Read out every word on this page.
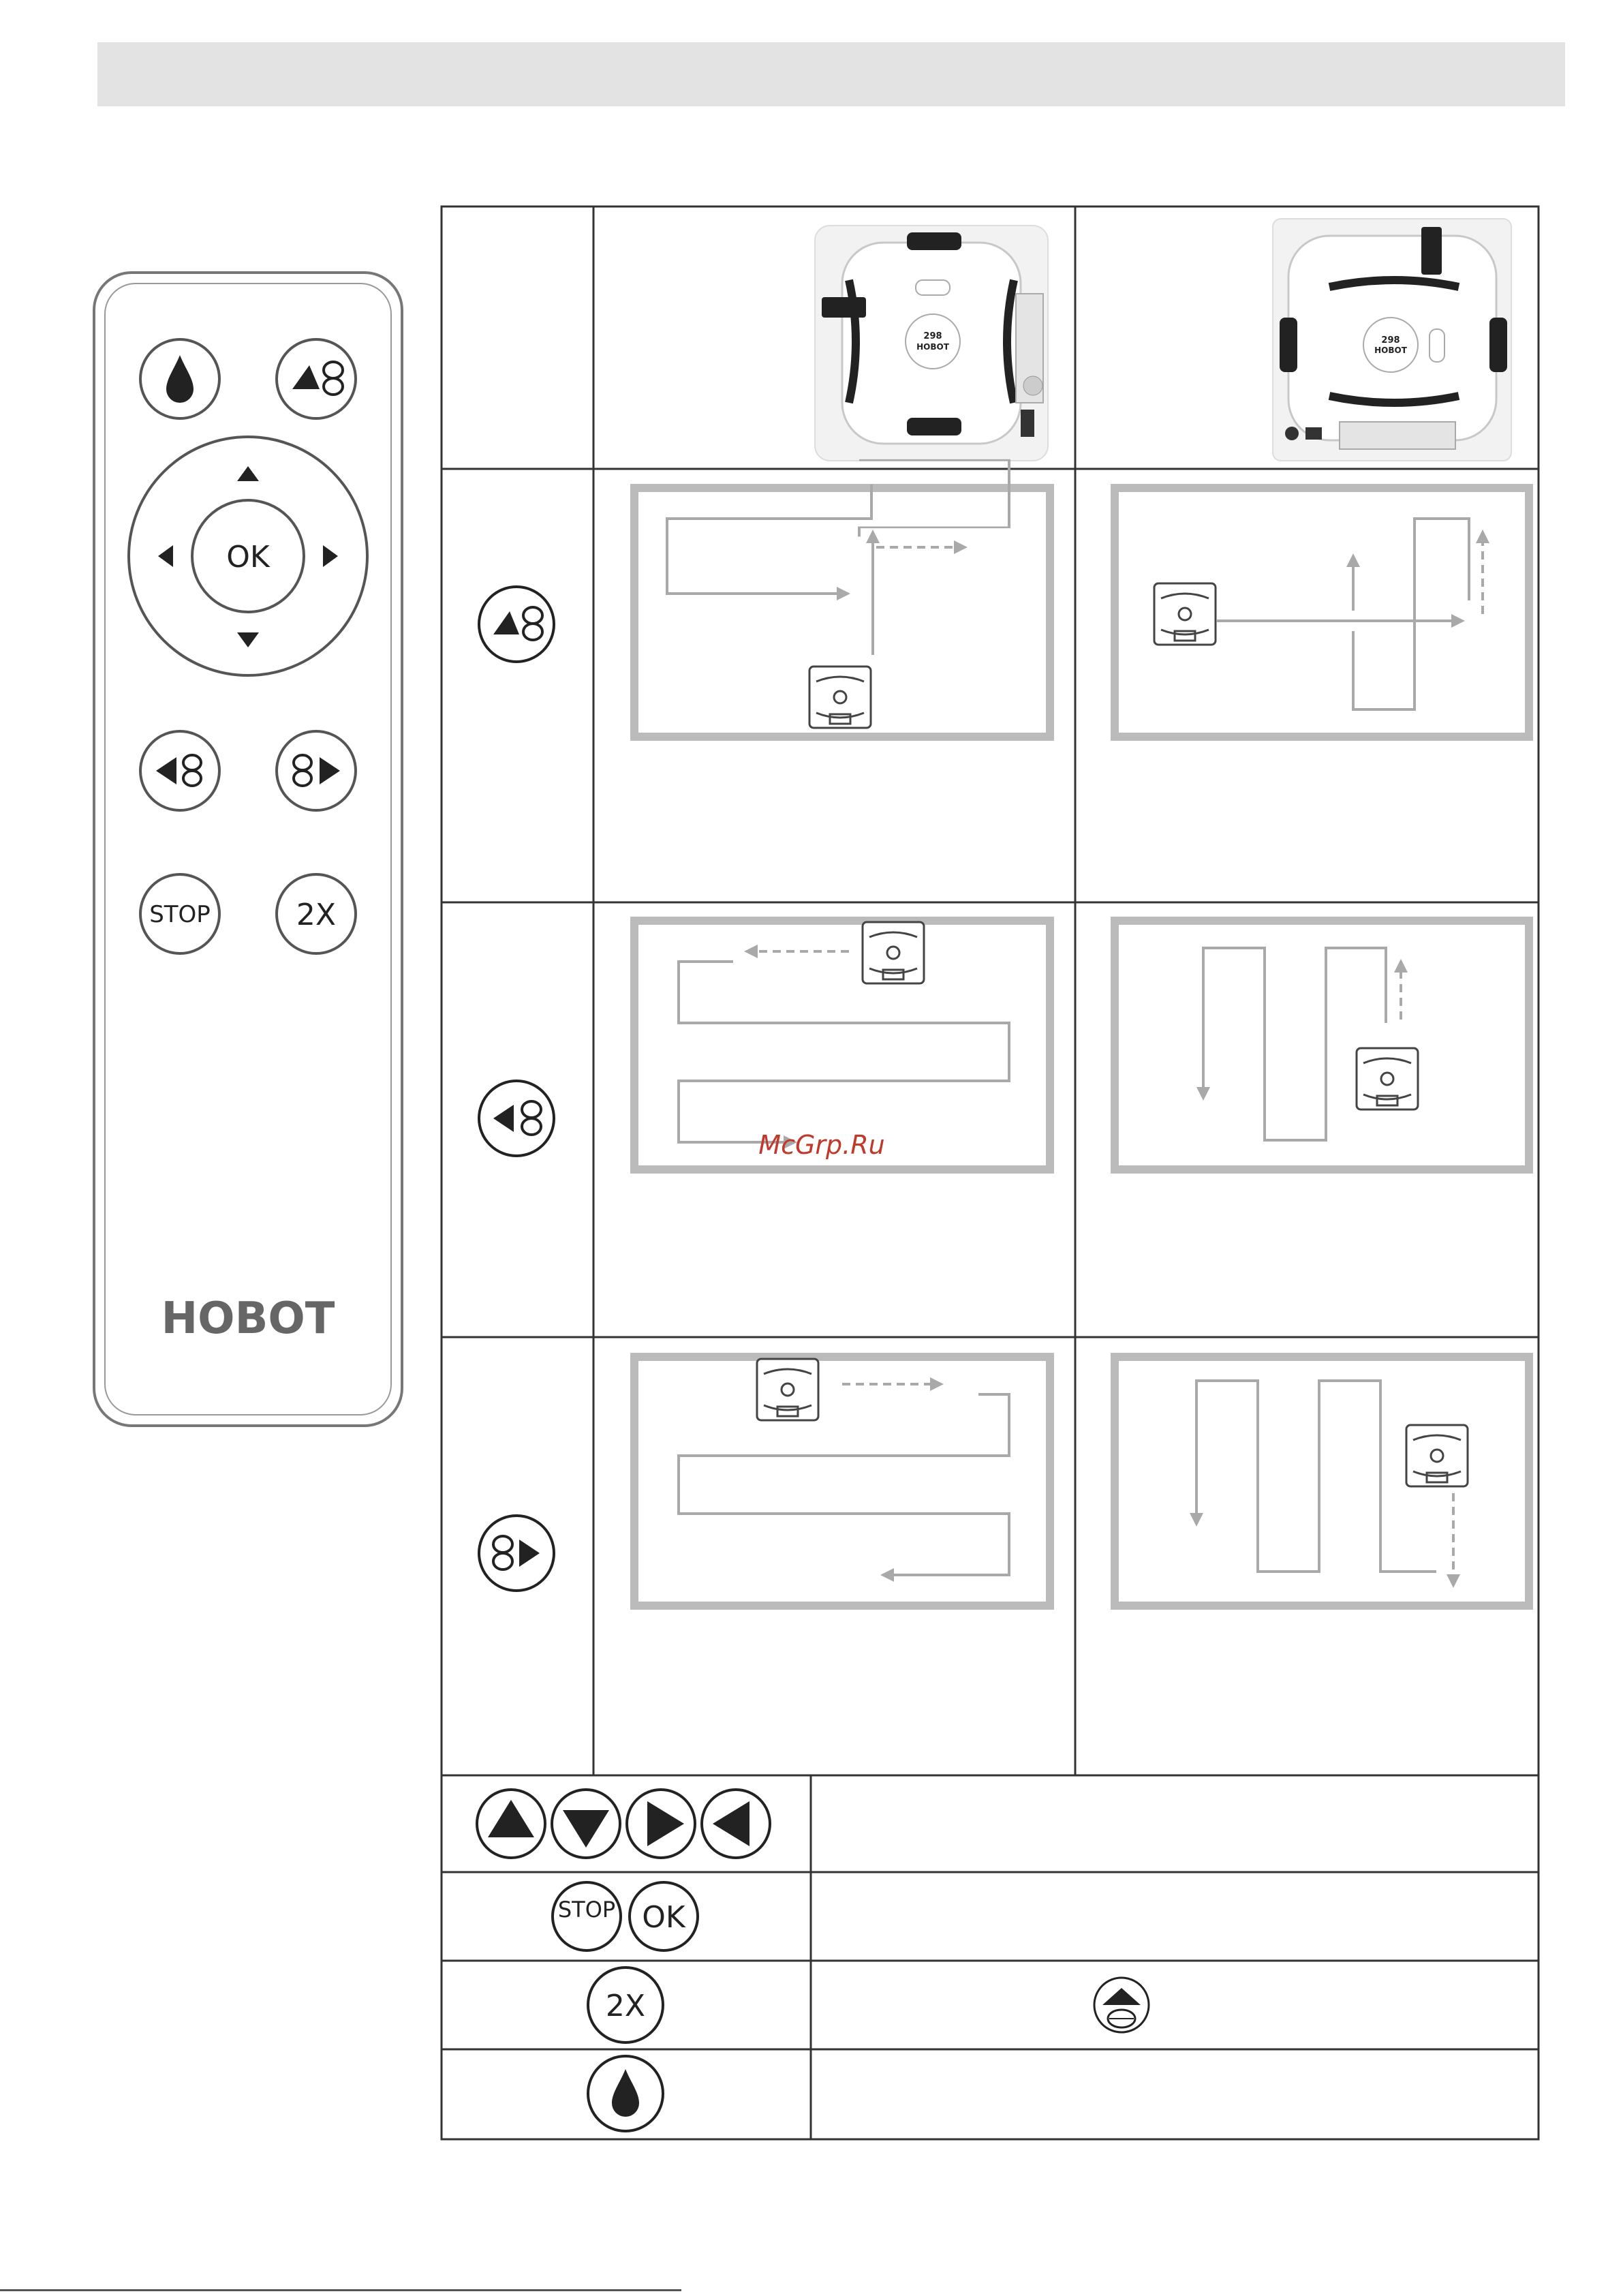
OK
STOP	2X
HOBOT
298
HOBOT
298
HOBOT
McGrp.Ru
STOP OK
2X
